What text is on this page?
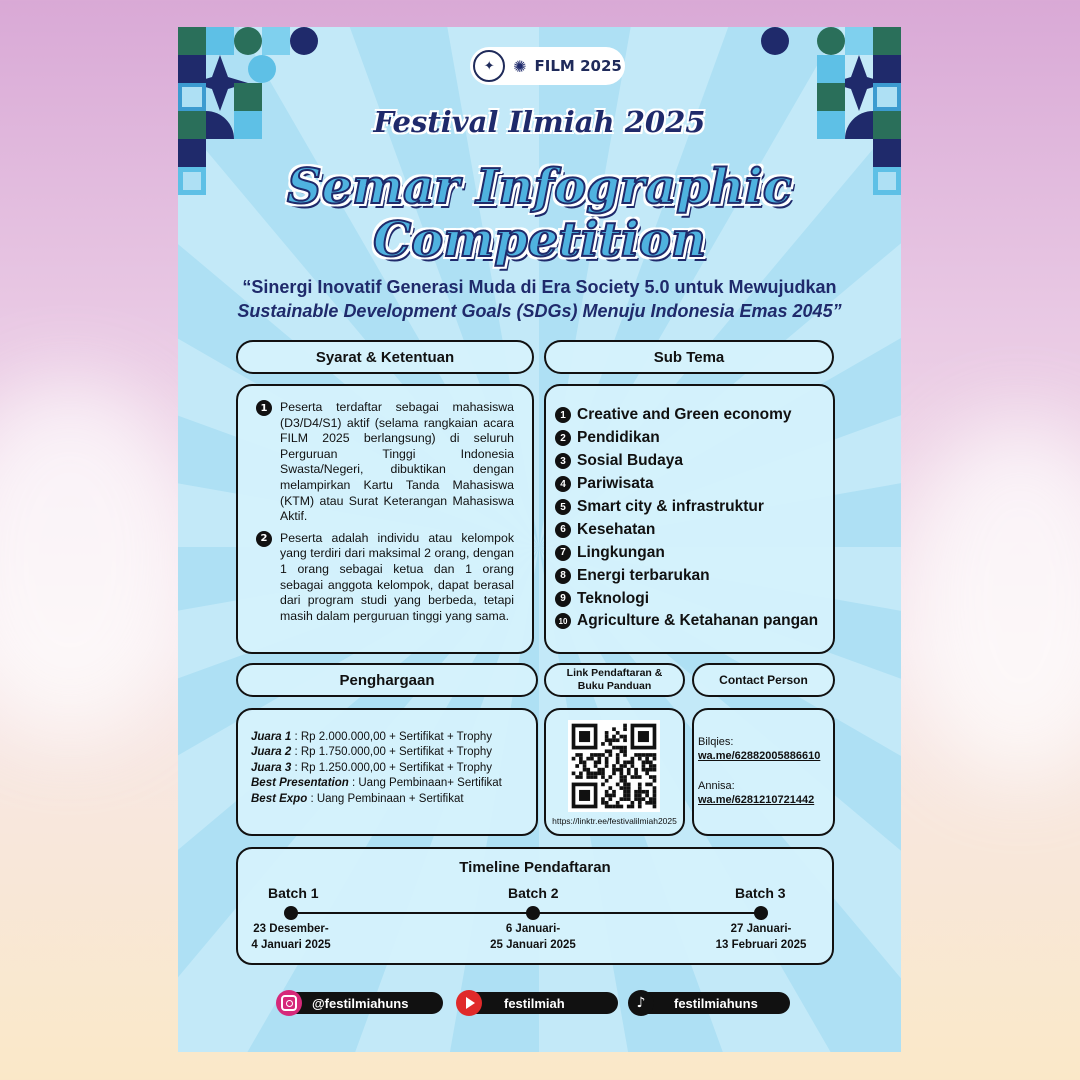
✦	✺ FILM 2025
Festival Ilmiah 2025
Semar Infographic
Competition
“Sinergi Inovatif Generasi Muda di Era Society 5.0 untuk Mewujudkan
Sustainable Development Goals (SDGs) Menuju Indonesia Emas 2045”
Syarat & Ketentuan
1	Peserta terdaftar sebagai mahasiswa (D3/D4/S1) aktif (selama rangkaian acara FILM 2025 berlangsung) di seluruh Perguruan Tinggi Indonesia Swasta/Negeri, dibuktikan dengan melampirkan Kartu Tanda Mahasiswa (KTM) atau Surat Keterangan Mahasiswa Aktif.
2	Peserta adalah individu atau kelompok yang terdiri dari maksimal 2 orang, dengan 1 orang sebagai ketua dan 1 orang sebagai anggota kelompok, dapat berasal dari program studi yang berbeda, tetapi masih dalam perguruan tinggi yang sama.
Sub Tema
1 Creative and Green economy
2 Pendidikan
3 Sosial Budaya
4 Pariwisata
5 Smart city & infrastruktur
6 Kesehatan
7 Lingkungan
8 Energi terbarukan
9 Teknologi
10 Agriculture & Ketahanan pangan
Penghargaan
Juara 1 : Rp 2.000.000,00 + Sertifikat + Trophy
Juara 2 : Rp 1.750.000,00 + Sertifikat + Trophy
Juara 3 : Rp 1.250.000,00 + Sertifikat + Trophy
Best Presentation : Uang Pembinaan+ Sertifikat
Best Expo : Uang Pembinaan + Sertifikat
Link Pendaftaran & Buku Panduan
https://linktr.ee/festivalilmiah2025
Contact Person
Bilqies:
wa.me/62882005886610
Annisa:
wa.me/6281210721442
Timeline Pendaftaran
Batch 1
23 Desember-
4 Januari 2025
Batch 2
6 Januari-
25 Januari 2025
Batch 3
27 Januari-
13 Februari 2025
@festilmiahuns	festilmiah	♪	festilmiahuns
